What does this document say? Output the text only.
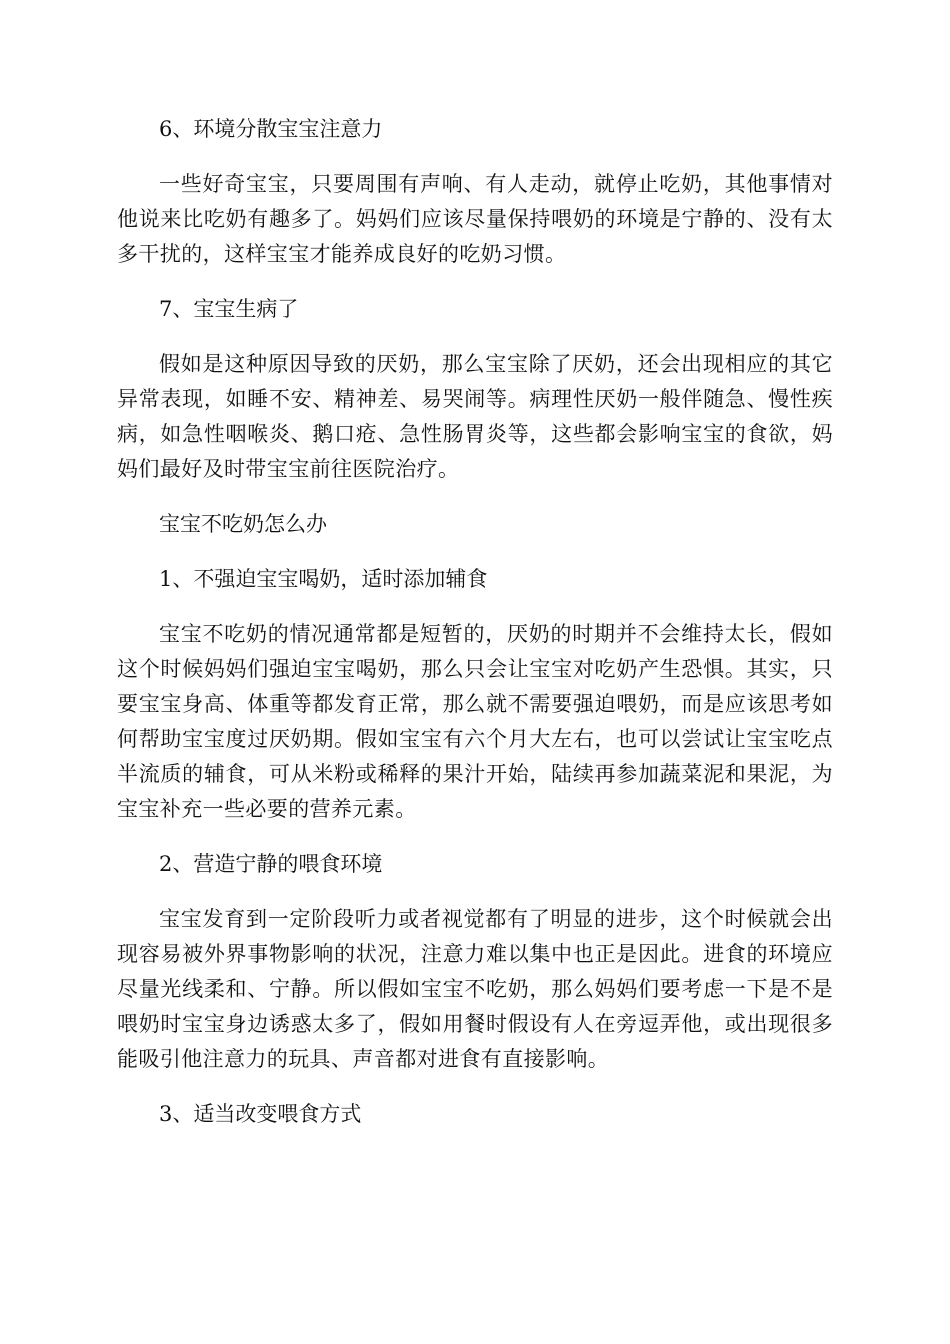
6、环境分散宝宝注意力

一些好奇宝宝，只要周围有声响、有人走动，就停止吃奶，其他事情对他说来比吃奶有趣多了。妈妈们应该尽量保持喂奶的环境是宁静的、没有太多干扰的，这样宝宝才能养成良好的吃奶习惯。

7、宝宝生病了

假如是这种原因导致的厌奶，那么宝宝除了厌奶，还会出现相应的其它异常表现，如睡不安、精神差、易哭闹等。病理性厌奶一般伴随急、慢性疾病，如急性咽喉炎、鹅口疮、急性肠胃炎等，这些都会影响宝宝的食欲，妈妈们最好及时带宝宝前往医院治疗。

宝宝不吃奶怎么办

1、不强迫宝宝喝奶，适时添加辅食

宝宝不吃奶的情况通常都是短暂的，厌奶的时期并不会维持太长，假如这个时候妈妈们强迫宝宝喝奶，那么只会让宝宝对吃奶产生恐惧。其实，只要宝宝身高、体重等都发育正常，那么就不需要强迫喂奶，而是应该思考如何帮助宝宝度过厌奶期。假如宝宝有六个月大左右，也可以尝试让宝宝吃点半流质的辅食，可从米粉或稀释的果汁开始，陆续再参加蔬菜泥和果泥，为宝宝补充一些必要的营养元素。

2、营造宁静的喂食环境

宝宝发育到一定阶段听力或者视觉都有了明显的进步，这个时候就会出现容易被外界事物影响的状况，注意力难以集中也正是因此。进食的环境应尽量光线柔和、宁静。所以假如宝宝不吃奶，那么妈妈们要考虑一下是不是喂奶时宝宝身边诱惑太多了，假如用餐时假设有人在旁逗弄他，或出现很多能吸引他注意力的玩具、声音都对进食有直接影响。

3、适当改变喂食方式
